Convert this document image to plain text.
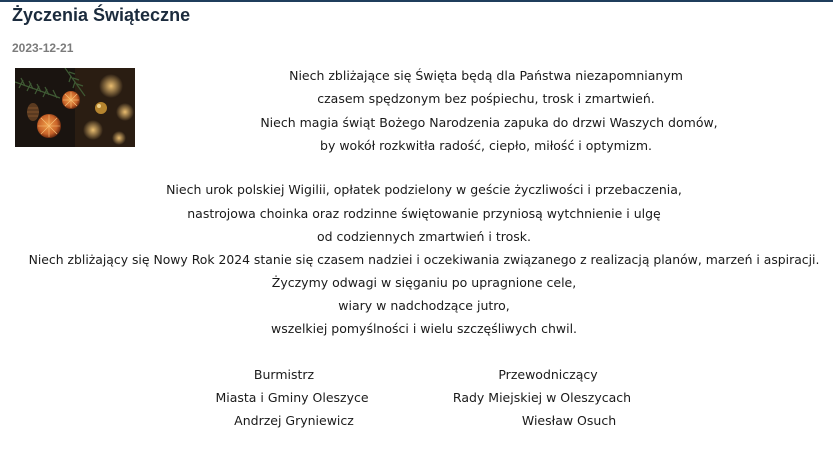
Życzenia Świąteczne
2023-12-21
Niech zbliżające się Święta będą dla Państwa niezapomnianym
czasem spędzonym bez pośpiechu, trosk i zmartwień.
Niech magia świąt Bożego Narodzenia zapuka do drzwi Waszych domów,
by wokół rozkwitła radość, ciepło, miłość i optymizm.
Niech urok polskiej Wigilii, opłatek podzielony w geście życzliwości i przebaczenia,
nastrojowa choinka oraz rodzinne świętowanie przyniosą wytchnienie i ulgę
od codziennych zmartwień i trosk.
Niech zbliżający się Nowy Rok 2024 stanie się czasem nadziei i oczekiwania związanego z realizacją planów, marzeń i aspiracji.
Życzymy odwagi w sięganiu po upragnione cele,
wiary w nadchodzące jutro,
wszelkiej pomyślności i wielu szczęśliwych chwil.
Burmistrz
Miasta i Gminy Oleszyce
Andrzej Gryniewicz
Przewodniczący
Rady Miejskiej w Oleszycach
Wiesław Osuch
